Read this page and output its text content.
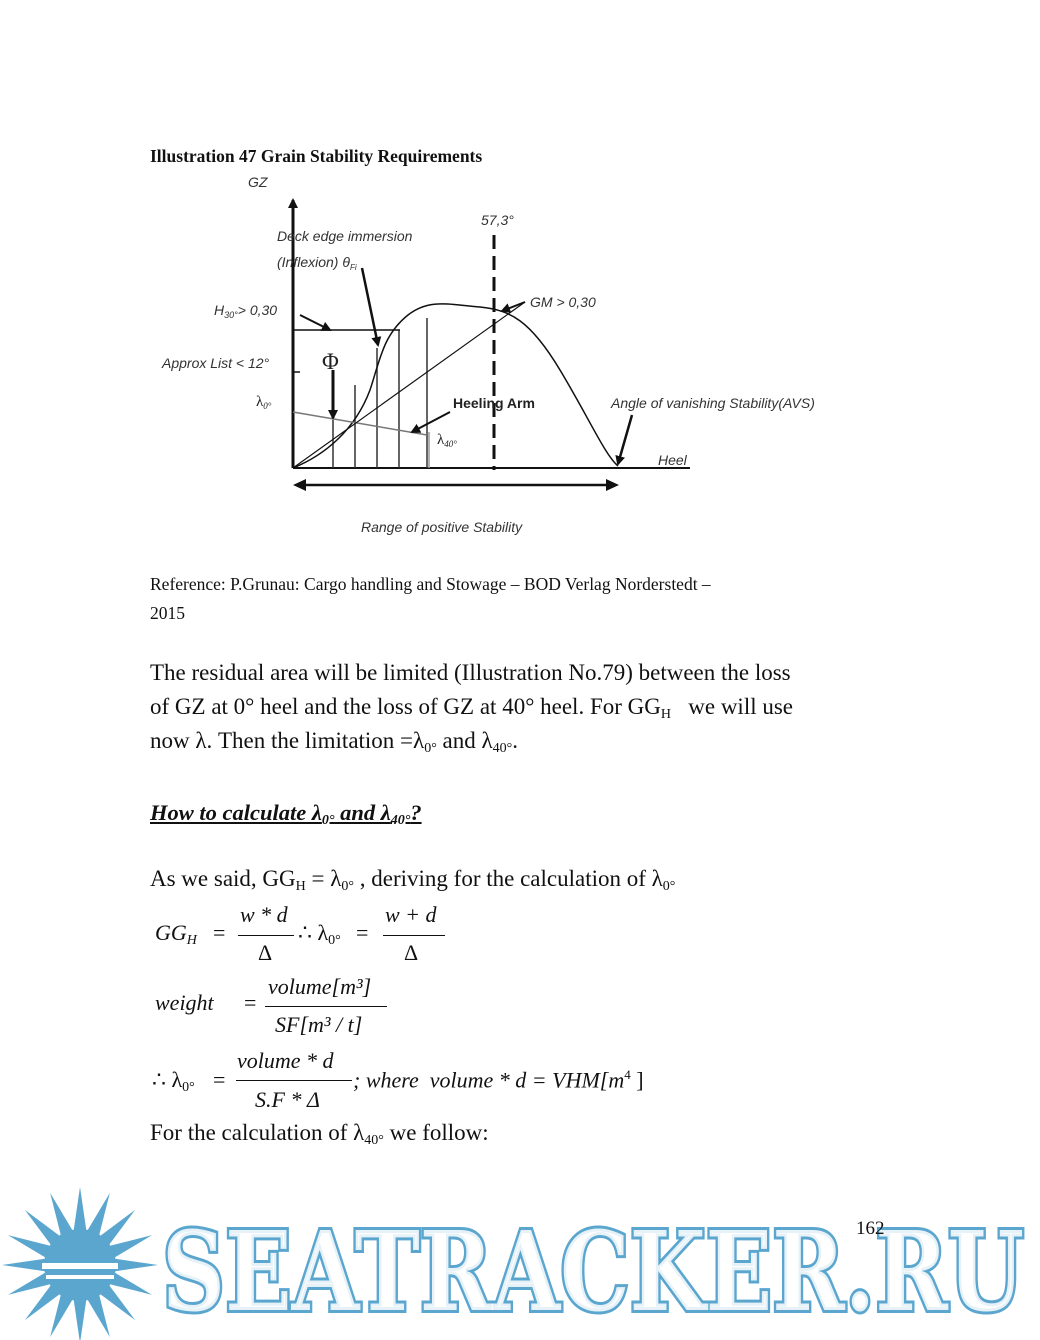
Illustration 47 Grain Stability Requirements
GZ
57,3°
Deck edge immersion
(Inflexion) $\theta_{Fi}$
$H_{30^\circ}> 0,30$	GM > 0,30
Approx List < 12° Φ
$\lambda_{0^\circ}$	Heeling Arm
$\lambda_{40^\circ}$
Angle of vanishing Stability(AVS)
Heel
Range of positive Stability
Reference: P.Grunau: Cargo handling and Stowage – BOD Verlag Norderstedt –
2015
The residual area will be limited (Illustration No.79) between the loss
of GZ at 0° heel and the loss of GZ at 40° heel. For $GG_H$   we will use
now λ. Then the limitation $=\lambda_{0^\circ}$ and $\lambda_{40^\circ}$.
How to calculate $\lambda_{0^\circ}$ and $\lambda_{40^\circ}$?
As we said, $GG_H = \lambda_{0^\circ}$ , deriving for the calculation of $\lambda_{0^\circ}$
$GG_H$ =
w * d
Δ
∴ $\lambda_{0^\circ}$ =
w + d
Δ
weight =
volume[m³]
SF[m³ / t]
∴ $\lambda_{0^\circ}$ =
volume * d
S.F * Δ
; where  volume * $d = VHM[m^4$ ]
For the calculation of $\lambda_{40^\circ}$ we follow:
SEATRACKER.RU
SEATRACKER.RU
162
